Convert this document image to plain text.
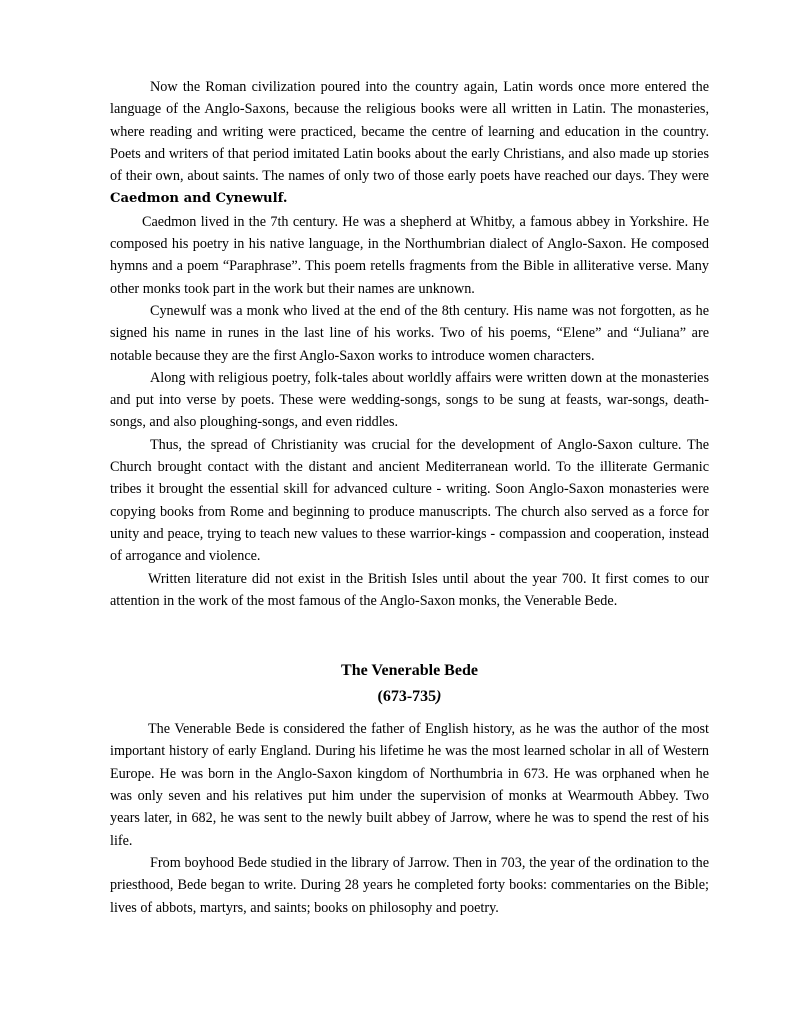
Now the Roman civilization poured into the country again, Latin words once more entered the language of the Anglo-Saxons, because the religious books were all written in Latin. The monasteries, where reading and writing were practiced, became the centre of learning and education in the country. Poets and writers of that period imitated Latin books about the early Christians, and also made up stories of their own, about saints. The names of only two of those early poets have reached our days. They were Caedmon and Cynewulf.

Caedmon lived in the 7th century. He was a shepherd at Whitby, a famous abbey in Yorkshire. He composed his poetry in his native language, in the Northumbrian dialect of Anglo-Saxon. He composed hymns and a poem “Paraphrase”. This poem retells fragments from the Bible in alliterative verse. Many other monks took part in the work but their names are unknown.

Cynewulf was a monk who lived at the end of the 8th century. His name was not forgotten, as he signed his name in runes in the last line of his works. Two of his poems, “Elene” and “Juliana” are notable because they are the first Anglo-Saxon works to introduce women characters.

Along with religious poetry, folk-tales about worldly affairs were written down at the monasteries and put into verse by poets. These were wedding-songs, songs to be sung at feasts, war-songs, death-songs, and also ploughing-songs, and even riddles.

Thus, the spread of Christianity was crucial for the development of Anglo-Saxon culture. The Church brought contact with the distant and ancient Mediterranean world. To the illiterate Germanic tribes it brought the essential skill for advanced culture - writing. Soon Anglo-Saxon monasteries were copying books from Rome and beginning to produce manuscripts. The church also served as a force for unity and peace, trying to teach new values to these warrior-kings - compassion and cooperation, instead of arrogance and violence.

Written literature did not exist in the British Isles until about the year 700. It first comes to our attention in the work of the most famous of the Anglo-Saxon monks, the Venerable Bede.

The Venerable Bede
(673-735)

The Venerable Bede is considered the father of English history, as he was the author of the most important history of early England. During his lifetime he was the most learned scholar in all of Western Europe. He was born in the Anglo-Saxon kingdom of Northumbria in 673. He was orphaned when he was only seven and his relatives put him under the supervision of monks at Wearmouth Abbey. Two years later, in 682, he was sent to the newly built abbey of Jarrow, where he was to spend the rest of his life.

From boyhood Bede studied in the library of Jarrow. Then in 703, the year of the ordination to the priesthood, Bede began to write. During 28 years he completed forty books: commentaries on the Bible; lives of abbots, martyrs, and saints; books on philosophy and poetry.
